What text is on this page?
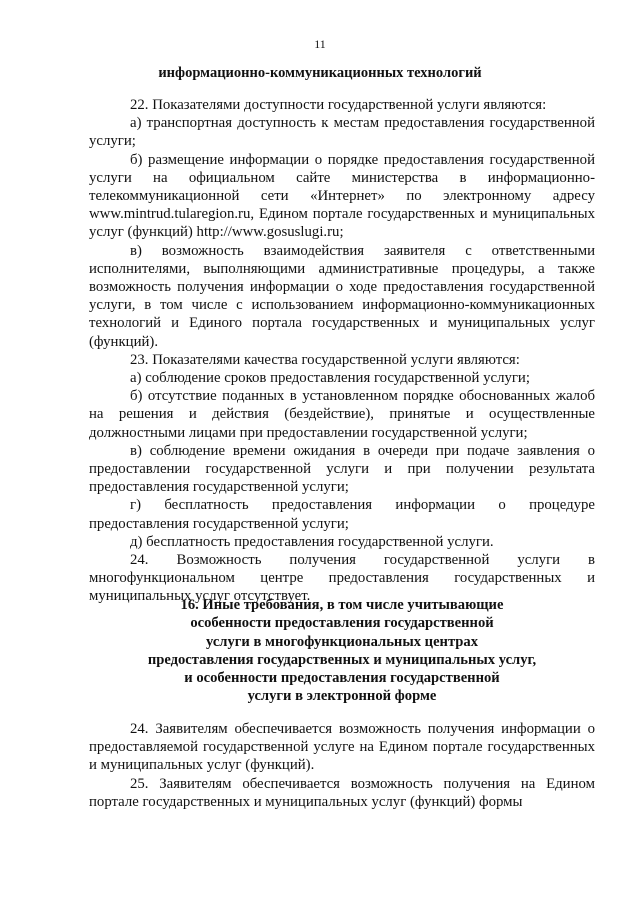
11
информационно-коммуникационных технологий

22. Показателями доступности государственной услуги являются:

а) транспортная доступность к местам предоставления государственной услуги;

б) размещение информации о порядке предоставления государственной услуги на официальном сайте министерства в информационно-телекоммуникационной сети «Интернет» по электронному адресу www.mintrud.tularegion.ru, Едином портале государственных и муниципальных услуг (функций) http://www.gosuslugi.ru;

в) возможность взаимодействия заявителя с ответственными исполнителями, выполняющими административные процедуры, а также возможность получения информации о ходе предоставления государственной услуги, в том числе с использованием информационно-коммуникационных технологий и Единого портала государственных и муниципальных услуг (функций).

23. Показателями качества государственной услуги являются:

а) соблюдение сроков предоставления государственной услуги;

б) отсутствие поданных в установленном порядке обоснованных жалоб на решения и действия (бездействие), принятые и осуществленные должностными лицами при предоставлении государственной услуги;

в) соблюдение времени ожидания в очереди при подаче заявления о предоставлении государственной услуги и при получении результата предоставления государственной услуги;

г) бесплатность предоставления информации о процедуре предоставления государственной услуги;

д) бесплатность предоставления государственной услуги.

24. Возможность получения государственной услуги в многофункциональном центре предоставления государственных и муниципальных услуг отсутствует.

16. Иные требования, в том числе учитывающие
особенности предоставления государственной
услуги в многофункциональных центрах
предоставления государственных и муниципальных услуг,
и особенности предоставления государственной
услуги в электронной форме

24. Заявителям обеспечивается возможность получения информации о предоставляемой государственной услуге на Едином портале государственных и муниципальных услуг (функций).

25. Заявителям обеспечивается возможность получения на Едином портале государственных и муниципальных услуг (функций) формы
